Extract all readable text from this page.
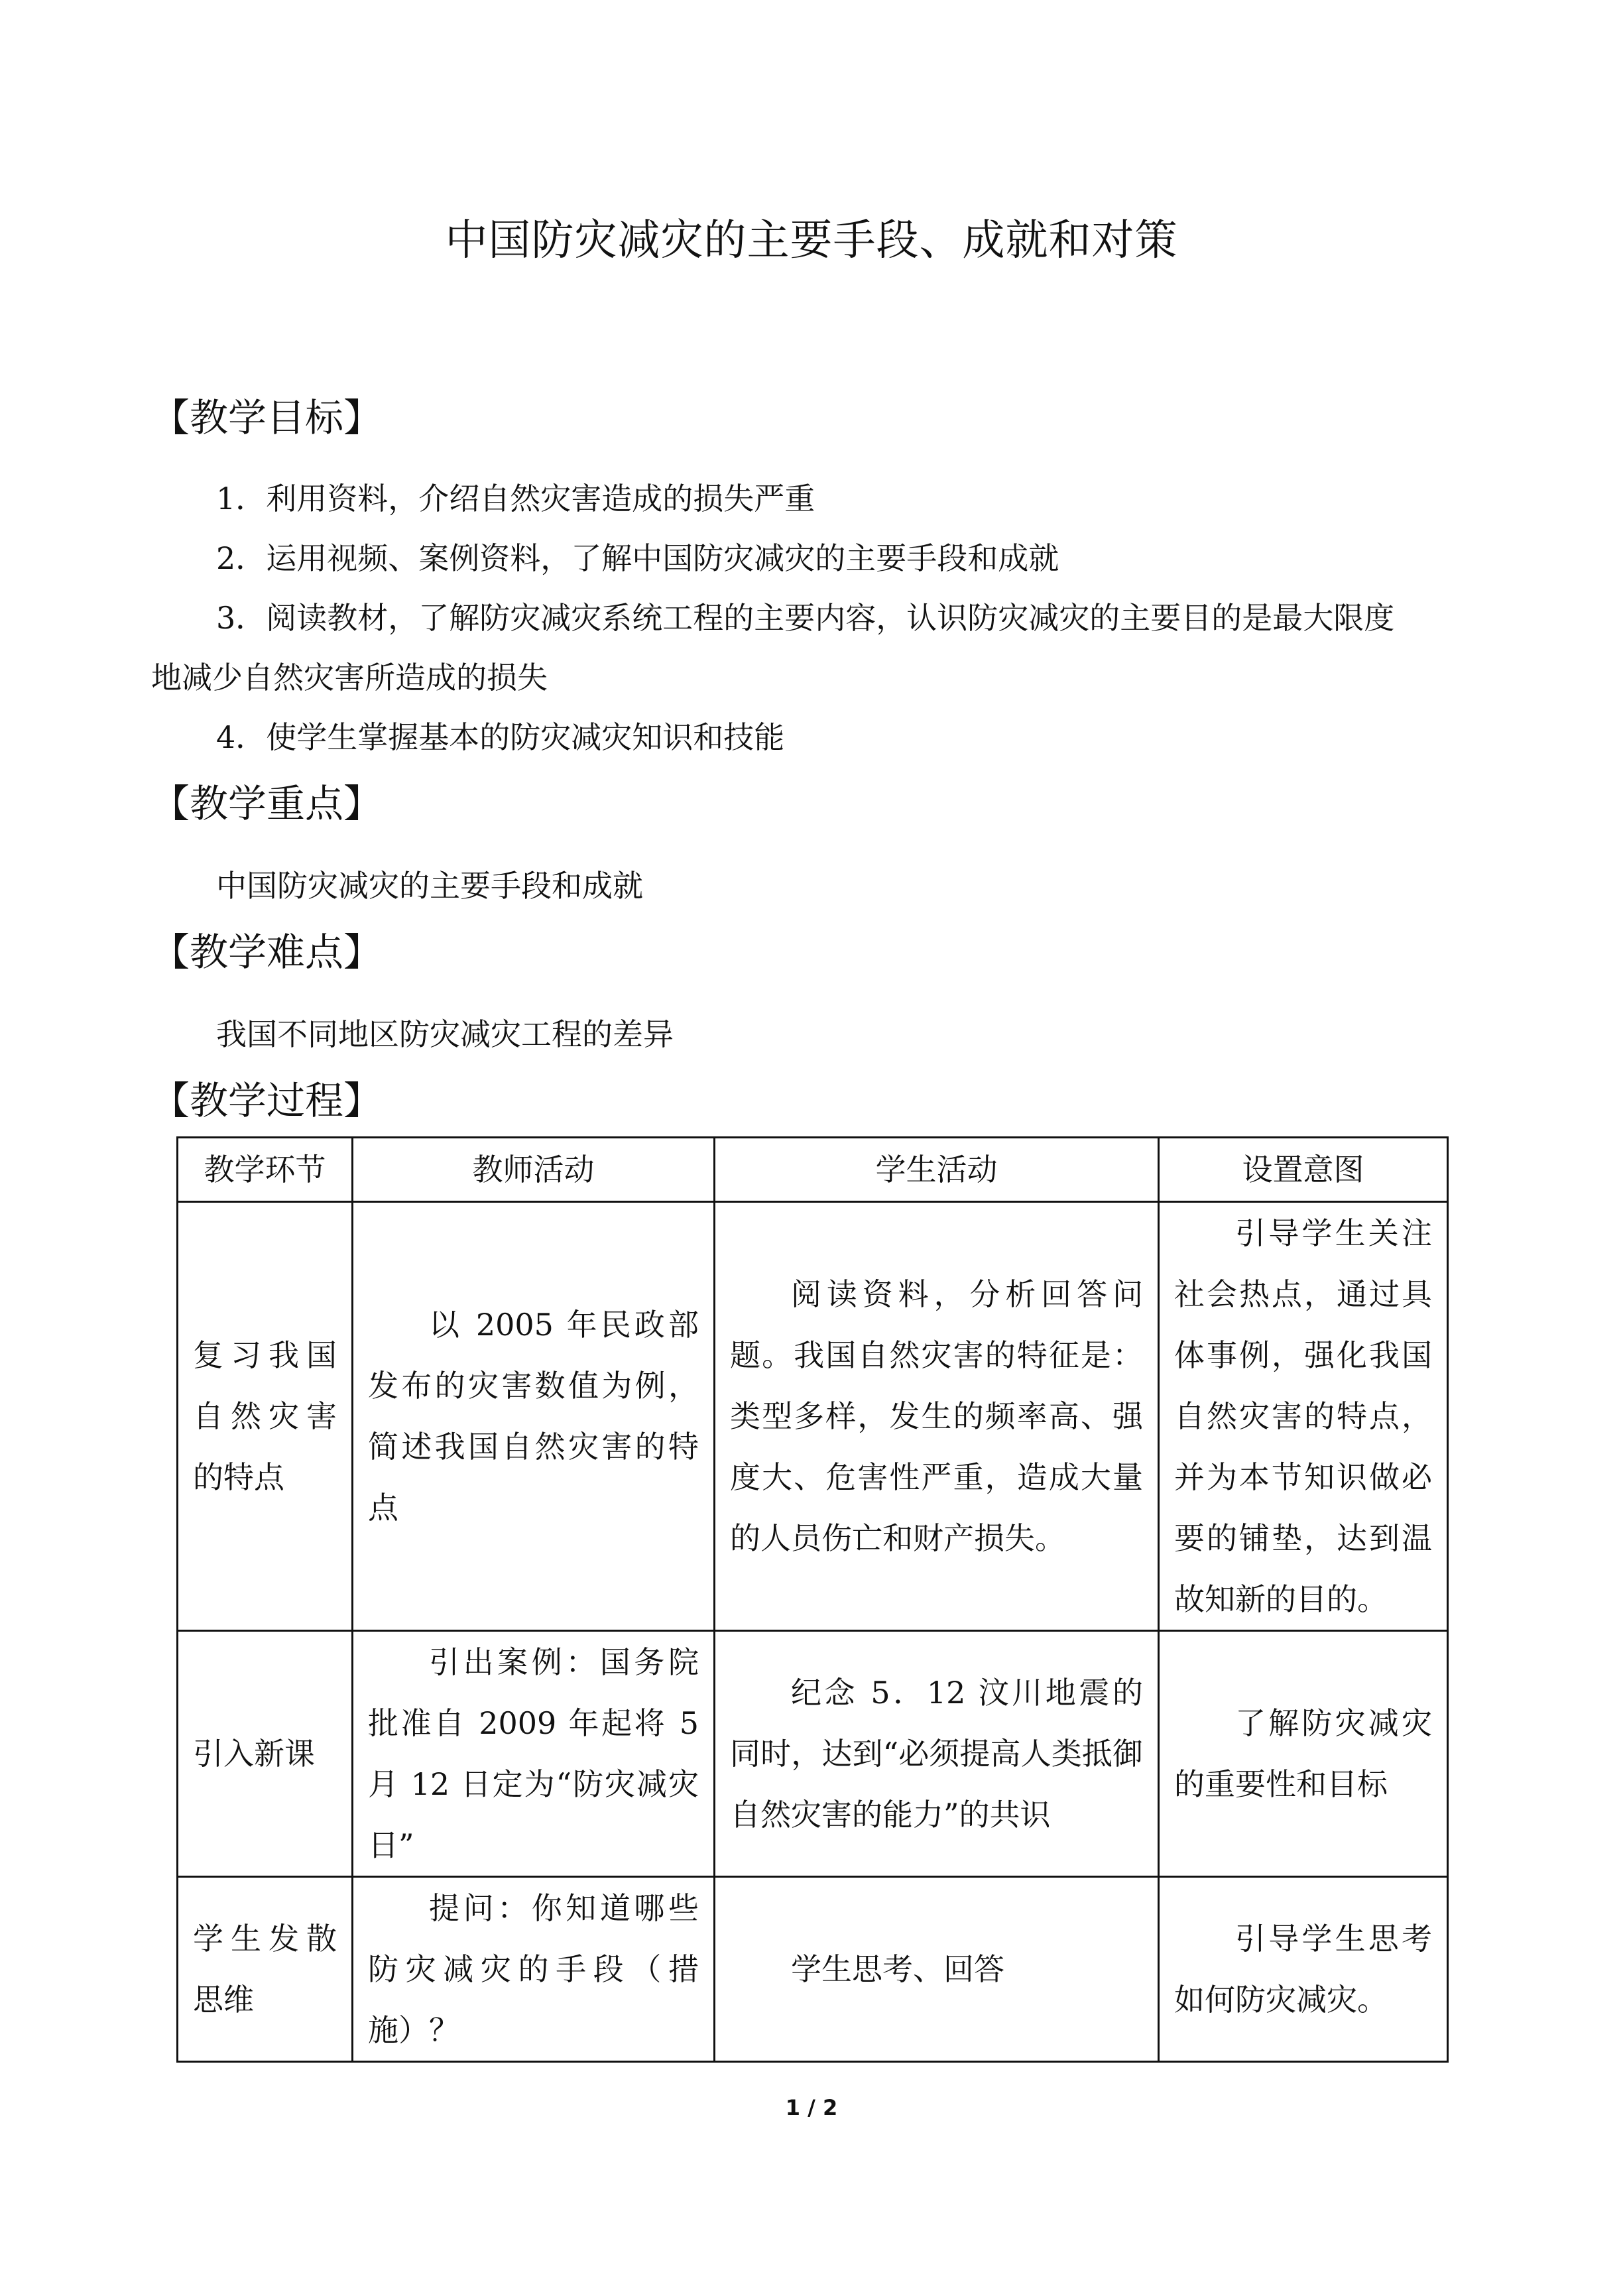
中国防灾减灾的主要手段、成就和对策
【教学目标】
1．利用资料，介绍自然灾害造成的损失严重
2．运用视频、案例资料，了解中国防灾减灾的主要手段和成就
3．阅读教材，了解防灾减灾系统工程的主要内容，认识防灾减灾的主要目的是最大限度
地减少自然灾害所造成的损失
4．使学生掌握基本的防灾减灾知识和技能
【教学重点】
中国防灾减灾的主要手段和成就
【教学难点】
我国不同地区防灾减灾工程的差异
【教学过程】
教学环节	教师活动	学生活动	设置意图
复习我国自然灾害的特点	以 2005 年民政部发布的灾害数值为例，简述我国自然灾害的特点	阅读资料，分析回答问题。我国自然灾害的特征是：类型多样，发生的频率高、强度大、危害性严重，造成大量的人员伤亡和财产损失。	引导学生关注社会热点，通过具体事例，强化我国自然灾害的特点，并为本节知识做必要的铺垫，达到温故知新的目的。
引入新课	引出案例：国务院批准自 2009 年起将 5 月 12 日定为“防灾减灾日”	纪念 5．12 汶川地震的同时，达到“必须提高人类抵御自然灾害的能力”的共识	了解防灾减灾的重要性和目标
学生发散思维	提问：你知道哪些防灾减灾的手段（措施）？	学生思考、回答	引导学生思考如何防灾减灾。
1 / 2
